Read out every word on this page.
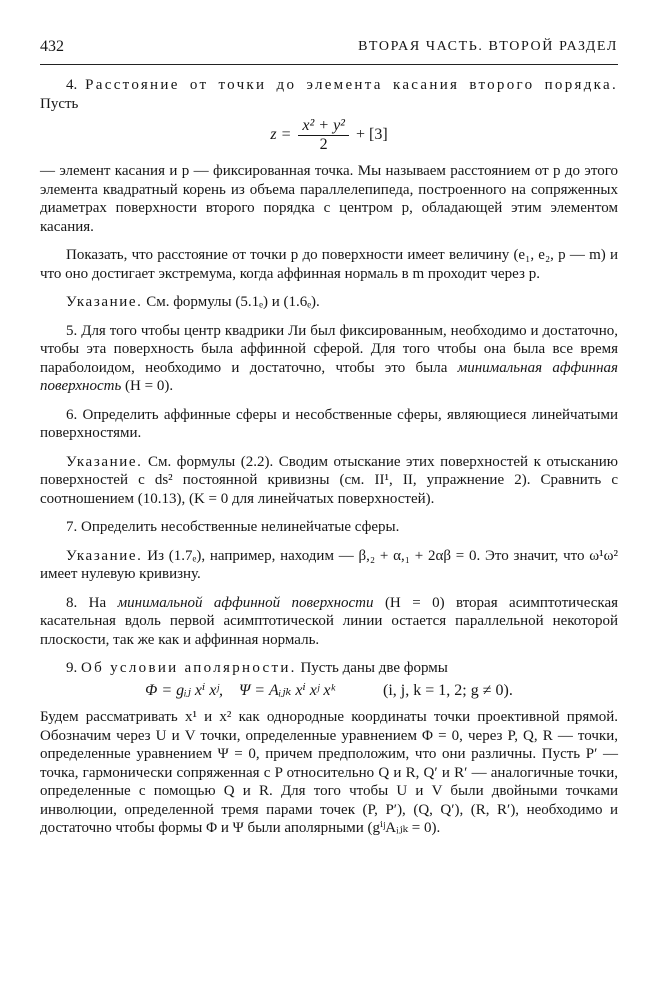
432	ВТОРАЯ ЧАСТЬ. ВТОРОЙ РАЗДЕЛ

4. Расстояние от точки до элемента касания второго порядка. Пусть

$z = \frac{\text{x² + y²}}{2} + [3]$

— элемент касания и p — фиксированная точка. Мы называем расстоянием от p до этого элемента квадратный корень из объема параллелепипеда, построенного на сопряженных диаметрах поверхности второго порядка с центром p, обладающей этим элементом касания.

Показать, что расстояние от точки p до поверхности имеет величину (e₁, e₂, p — m) и что оно достигает экстремума, когда аффинная нормаль в m проходит через p.

Указание. См. формулы (5.1ₑ) и (1.6ₑ).

5. Для того чтобы центр квадрики Ли был фиксированным, необходимо и достаточно, чтобы эта поверхность была аффинной сферой. Для того чтобы она была все время параболоидом, необходимо и достаточно, чтобы это была минимальная аффинная поверхность (H = 0).

6. Определить аффинные сферы и несобственные сферы, являющиеся линейчатыми поверхностями.

Указание. См. формулы (2.2). Сводим отыскание этих поверхностей к отысканию поверхностей с ds² постоянной кривизны (см. II¹, II, упражнение 2). Сравнить с соотношением (10.13), (K = 0 для линейчатых поверхностей).

7. Определить несобственные нелинейчатые сферы.

Указание. Из (1.7ₑ), например, находим — β,₂ + α,₁ + 2αβ = 0. Это значит, что ω¹ω² имеет нулевую кривизну.

8. На минимальной аффинной поверхности (H = 0) вторая асимптотическая касательная вдоль первой асимптотической линии остается параллельной некоторой плоскости, так же как и аффинная нормаль.

9. Об условии аполярности. Пусть даны две формы

Φ = gᵢⱼ xⁱ xʲ, Ψ = Aᵢⱼₖ xⁱ xʲ xᵏ	(i, j, k = 1, 2; g ≠ 0).

Будем рассматривать x¹ и x² как однородные координаты точки проективной прямой. Обозначим через U и V точки, определенные уравнением Φ = 0, через P, Q, R — точки, определенные уравнением Ψ = 0, причем предположим, что они различны. Пусть P′ — точка, гармонически сопряженная с P относительно Q и R, Q′ и R′ — аналогичные точки, определенные с помощью Q и R. Для того чтобы U и V были двойными точками инволюции, определенной тремя парами точек (P, P′), (Q, Q′), (R, R′), необходимо и достаточно чтобы формы Φ и Ψ были аполярными (gⁱʲAᵢⱼₖ = 0).
